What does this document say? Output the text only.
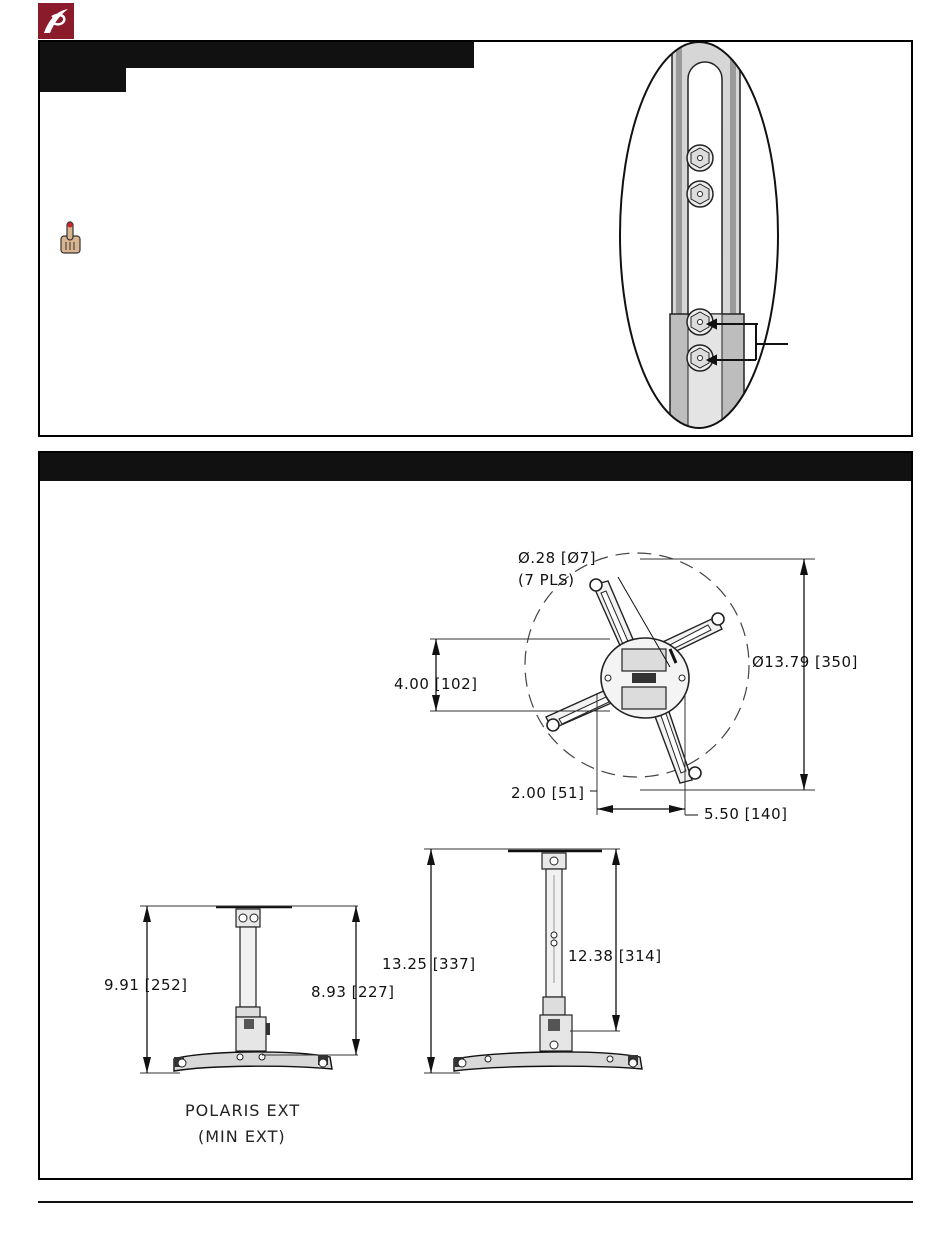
Ø.28 [Ø7]
(7 PLS)
Ø13.79 [350]
4.00 [102]
2.00 [51]
5.50 [140]
9.91 [252]	8.93 [227]
POLARIS EXT
(MIN EXT)
13.25 [337]	12.38 [314]
